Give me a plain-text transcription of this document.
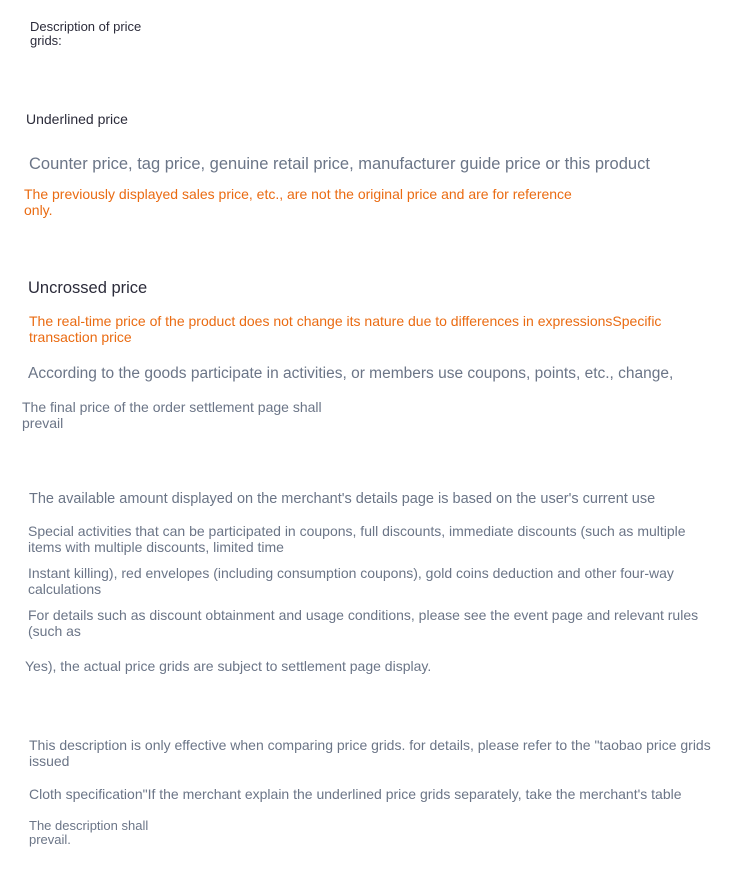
Description of price grids:

Underlined price

Counter price, tag price, genuine retail price, manufacturer guide price or this product

The previously displayed sales price, etc., are not the original price and are for reference only.

Uncrossed price

The real-time price of the product does not change its nature due to differences in expressionsSpecific transaction price

According to the goods participate in activities, or members use coupons, points, etc., change,

The final price of the order settlement page shall prevail

The available amount displayed on the merchant's details page is based on the user's current use

Special activities that can be participated in coupons, full discounts, immediate discounts (such as multiple items with multiple discounts, limited time

Instant killing), red envelopes (including consumption coupons), gold coins deduction and other four-way calculations

For details such as discount obtainment and usage conditions, please see the event page and relevant rules (such as

Yes), the actual price grids are subject to settlement page display.

This description is only effective when comparing price grids. for details, please refer to the "taobao price grids issued

Cloth specification"If the merchant explain the underlined price grids separately, take the merchant's table

The description shall prevail.
